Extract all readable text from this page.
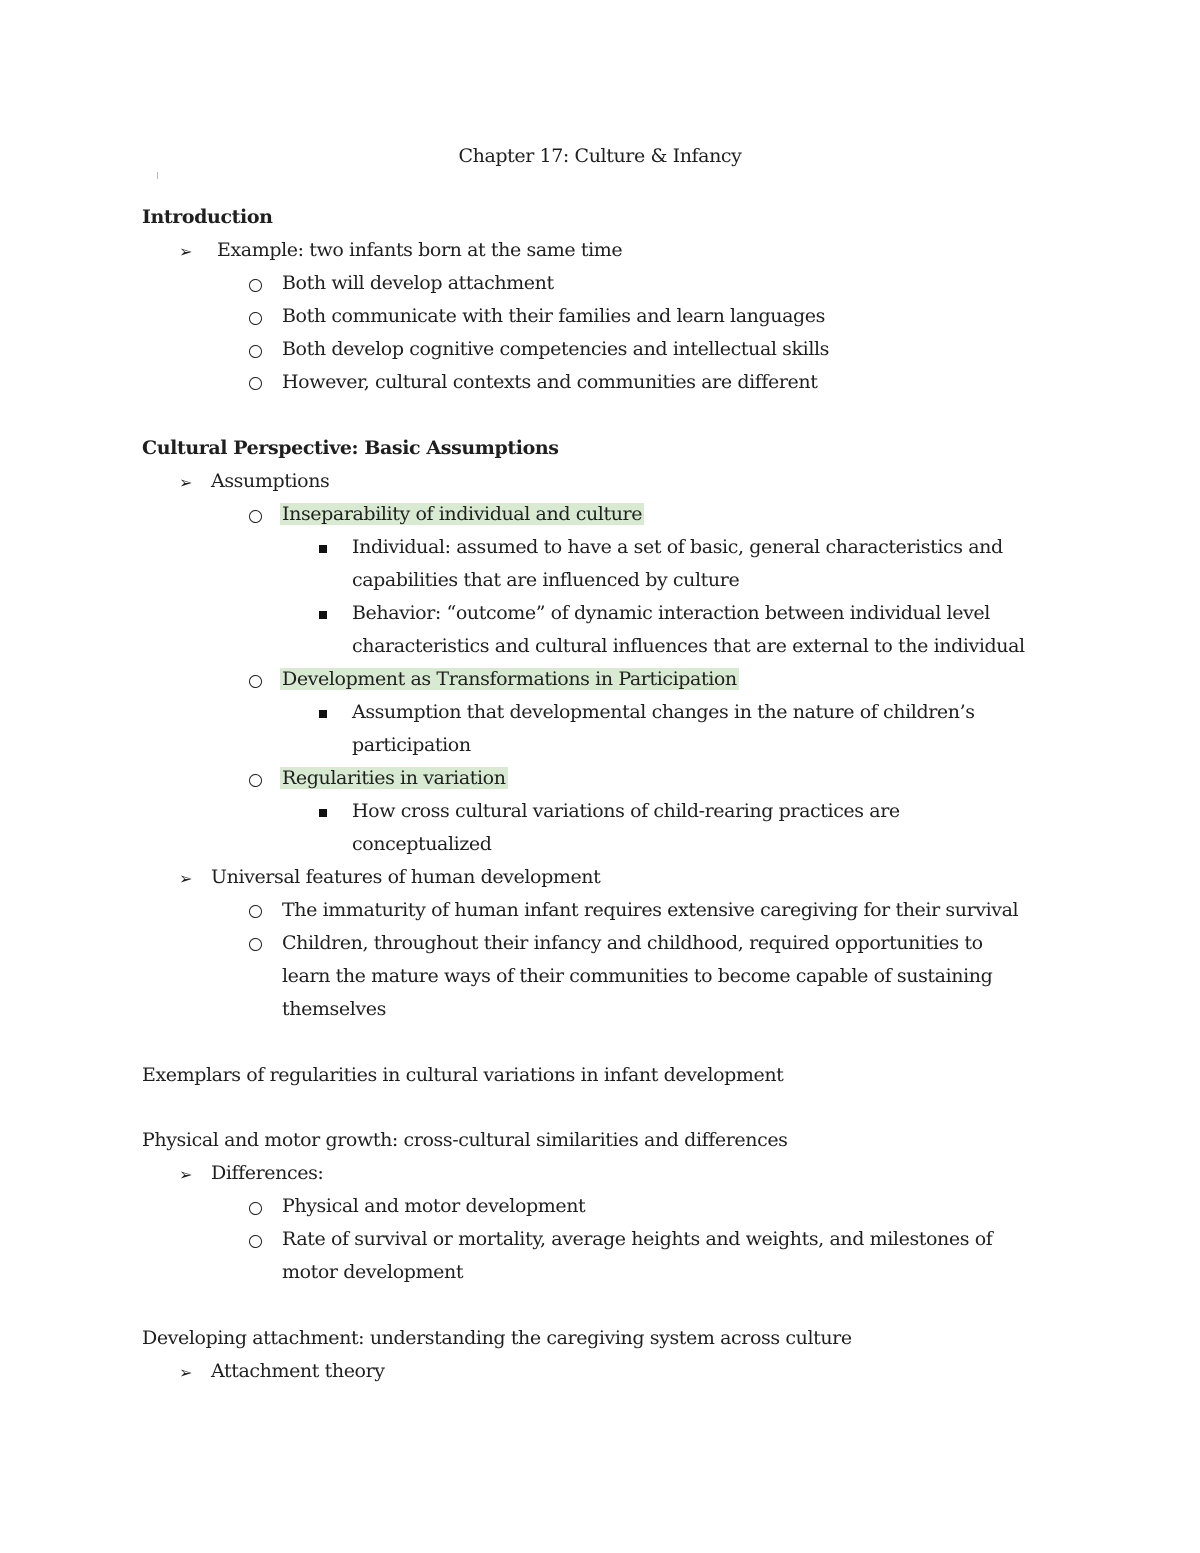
Chapter 17: Culture & Infancy
Introduction
➢ Example: two infants born at the same time
Both will develop attachment
Both communicate with their families and learn languages
Both develop cognitive competencies and intellectual skills
However, cultural contexts and communities are different
Cultural Perspective: Basic Assumptions
➢ Assumptions
Inseparability of individual and culture
Individual: assumed to have a set of basic, general characteristics and
capabilities that are influenced by culture
Behavior: “outcome” of dynamic interaction between individual level
characteristics and cultural influences that are external to the individual
Development as Transformations in Participation
Assumption that developmental changes in the nature of children’s
participation
Regularities in variation
How cross cultural variations of child-rearing practices are
conceptualized
➢ Universal features of human development
The immaturity of human infant requires extensive caregiving for their survival
Children, throughout their infancy and childhood, required opportunities to
learn the mature ways of their communities to become capable of sustaining
themselves
Exemplars of regularities in cultural variations in infant development
Physical and motor growth: cross-cultural similarities and differences
➢ Differences:
Physical and motor development
Rate of survival or mortality, average heights and weights, and milestones of
motor development
Developing attachment: understanding the caregiving system across culture
➢ Attachment theory
